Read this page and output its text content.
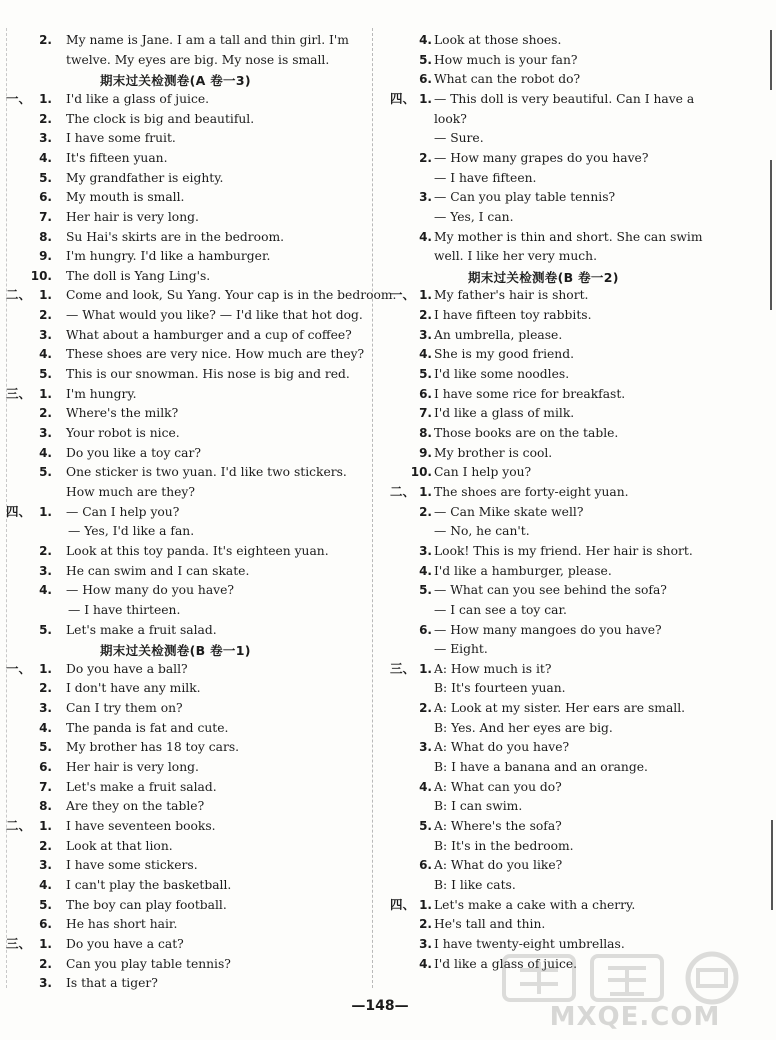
2. My name is Jane. I am a tall and thin girl. I'm
twelve. My eyes are big. My nose is small.
期末过关检测卷(A 卷一3)
一、 1. I'd like a glass of juice.
2. The clock is big and beautiful.
3. I have some fruit.
4. It's fifteen yuan.
5. My grandfather is eighty.
6. My mouth is small.
7. Her hair is very long.
8. Su Hai's skirts are in the bedroom.
9. I'm hungry. I'd like a hamburger.
10. The doll is Yang Ling's.
二、 1. Come and look, Su Yang. Your cap is in the bedroom.
2. — What would you like? — I'd like that hot dog.
3. What about a hamburger and a cup of coffee?
4. These shoes are very nice. How much are they?
5. This is our snowman. His nose is big and red.
三、 1. I'm hungry.
2. Where's the milk?
3. Your robot is nice.
4. Do you like a toy car?
5. One sticker is two yuan. I'd like two stickers.
How much are they?
四、 1. — Can I help you?
— Yes, I'd like a fan.
2. Look at this toy panda. It's eighteen yuan.
3. He can swim and I can skate.
4. — How many do you have?
— I have thirteen.
5. Let's make a fruit salad.
期末过关检测卷(B 卷一1)
一、 1. Do you have a ball?
2. I don't have any milk.
3. Can I try them on?
4. The panda is fat and cute.
5. My brother has 18 toy cars.
6. Her hair is very long.
7. Let's make a fruit salad.
8. Are they on the table?
二、 1. I have seventeen books.
2. Look at that lion.
3. I have some stickers.
4. I can't play the basketball.
5. The boy can play football.
6. He has short hair.
三、 1. Do you have a cat?
2. Can you play table tennis?
3. Is that a tiger?
4. Look at those shoes.
5. How much is your fan?
6. What can the robot do?
四、 1. — This doll is very beautiful. Can I have a
look?
— Sure.
2. — How many grapes do you have?
— I have fifteen.
3. — Can you play table tennis?
— Yes, I can.
4. My mother is thin and short. She can swim
well. I like her very much.
期末过关检测卷(B 卷一2)
一、 1. My father's hair is short.
2. I have fifteen toy rabbits.
3. An umbrella, please.
4. She is my good friend.
5. I'd like some noodles.
6. I have some rice for breakfast.
7. I'd like a glass of milk.
8. Those books are on the table.
9. My brother is cool.
10. Can I help you?
二、 1. The shoes are forty-eight yuan.
2. — Can Mike skate well?
— No, he can't.
3. Look! This is my friend. Her hair is short.
4. I'd like a hamburger, please.
5. — What can you see behind the sofa?
— I can see a toy car.
6. — How many mangoes do you have?
— Eight.
三、 1. A: How much is it?
B: It's fourteen yuan.
2. A: Look at my sister. Her ears are small.
B: Yes. And her eyes are big.
3. A: What do you have?
B: I have a banana and an orange.
4. A: What can you do?
B: I can swim.
5. A: Where's the sofa?
B: It's in the bedroom.
6. A: What do you like?
B: I like cats.
四、 1. Let's make a cake with a cherry.
2. He's tall and thin.
3. I have twenty-eight umbrellas.
4. I'd like a glass of juice.
—148—	MXQE.COM
